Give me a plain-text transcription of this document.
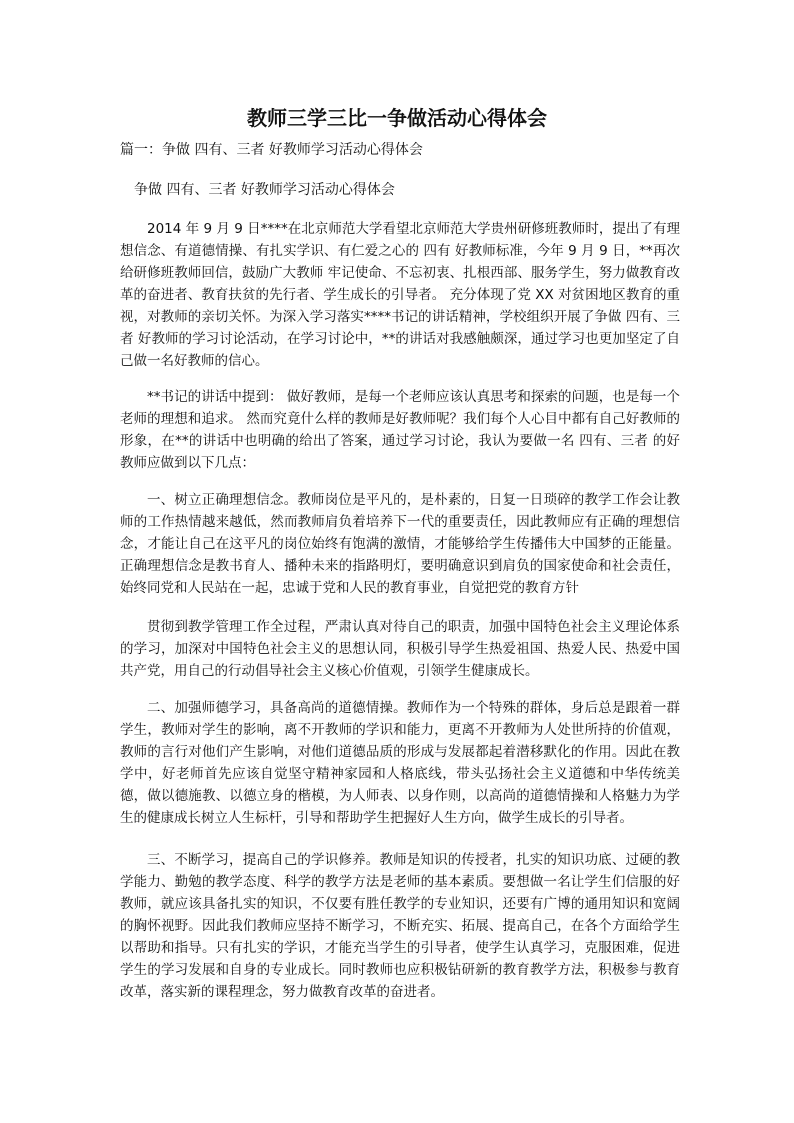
教师三学三比一争做活动心得体会

篇一：争做 四有、三者 好教师学习活动心得体会

争做 四有、三者 好教师学习活动心得体会

2014 年 9 月 9 日****在北京师范大学看望北京师范大学贵州研修班教师时，提出了有理想信念、有道德情操、有扎实学识、有仁爱之心的 四有 好教师标准，今年 9 月 9 日，**再次给研修班教师回信，鼓励广大教师 牢记使命、不忘初衷、扎根西部、服务学生，努力做教育改革的奋进者、教育扶贫的先行者、学生成长的引导者。 充分体现了党 XX 对贫困地区教育的重视，对教师的亲切关怀。为深入学习落实****书记的讲话精神，学校组织开展了争做 四有、三者 好教师的学习讨论活动，在学习讨论中，**的讲话对我感触颇深，通过学习也更加坚定了自己做一名好教师的信心。

**书记的讲话中提到： 做好教师，是每一个老师应该认真思考和探索的问题，也是每一个老师的理想和追求。 然而究竟什么样的教师是好教师呢？我们每个人心目中都有自己好教师的形象，在**的讲话中也明确的给出了答案，通过学习讨论，我认为要做一名 四有、三者 的好教师应做到以下几点：

一、树立正确理想信念。教师岗位是平凡的，是朴素的，日复一日琐碎的教学工作会让教师的工作热情越来越低，然而教师肩负着培养下一代的重要责任，因此教师应有正确的理想信念，才能让自己在这平凡的岗位始终有饱满的激情，才能够给学生传播伟大中国梦的正能量。正确理想信念是教书育人、播种未来的指路明灯，要明确意识到肩负的国家使命和社会责任，始终同党和人民站在一起，忠诚于党和人民的教育事业，自觉把党的教育方针

贯彻到教学管理工作全过程，严肃认真对待自己的职责，加强中国特色社会主义理论体系的学习，加深对中国特色社会主义的思想认同，积极引导学生热爱祖国、热爱人民、热爱中国共产党，用自己的行动倡导社会主义核心价值观，引领学生健康成长。

二、加强师德学习，具备高尚的道德情操。教师作为一个特殊的群体，身后总是跟着一群学生，教师对学生的影响，离不开教师的学识和能力，更离不开教师为人处世所持的价值观，教师的言行对他们产生影响，对他们道德品质的形成与发展都起着潜移默化的作用。因此在教学中，好老师首先应该自觉坚守精神家园和人格底线，带头弘扬社会主义道德和中华传统美德，做以德施教、以德立身的楷模，为人师表、以身作则，以高尚的道德情操和人格魅力为学生的健康成长树立人生标杆，引导和帮助学生把握好人生方向，做学生成长的引导者。

三、不断学习，提高自己的学识修养。教师是知识的传授者，扎实的知识功底、过硬的教学能力、勤勉的教学态度、科学的教学方法是老师的基本素质。要想做一名让学生们信服的好教师，就应该具备扎实的知识，不仅要有胜任教学的专业知识，还要有广博的通用知识和宽阔的胸怀视野。因此我们教师应坚持不断学习，不断充实、拓展、提高自己，在各个方面给学生以帮助和指导。只有扎实的学识，才能充当学生的引导者，使学生认真学习，克服困难，促进学生的学习发展和自身的专业成长。同时教师也应积极钻研新的教育教学方法，积极参与教育改革，落实新的课程理念，努力做教育改革的奋进者。
